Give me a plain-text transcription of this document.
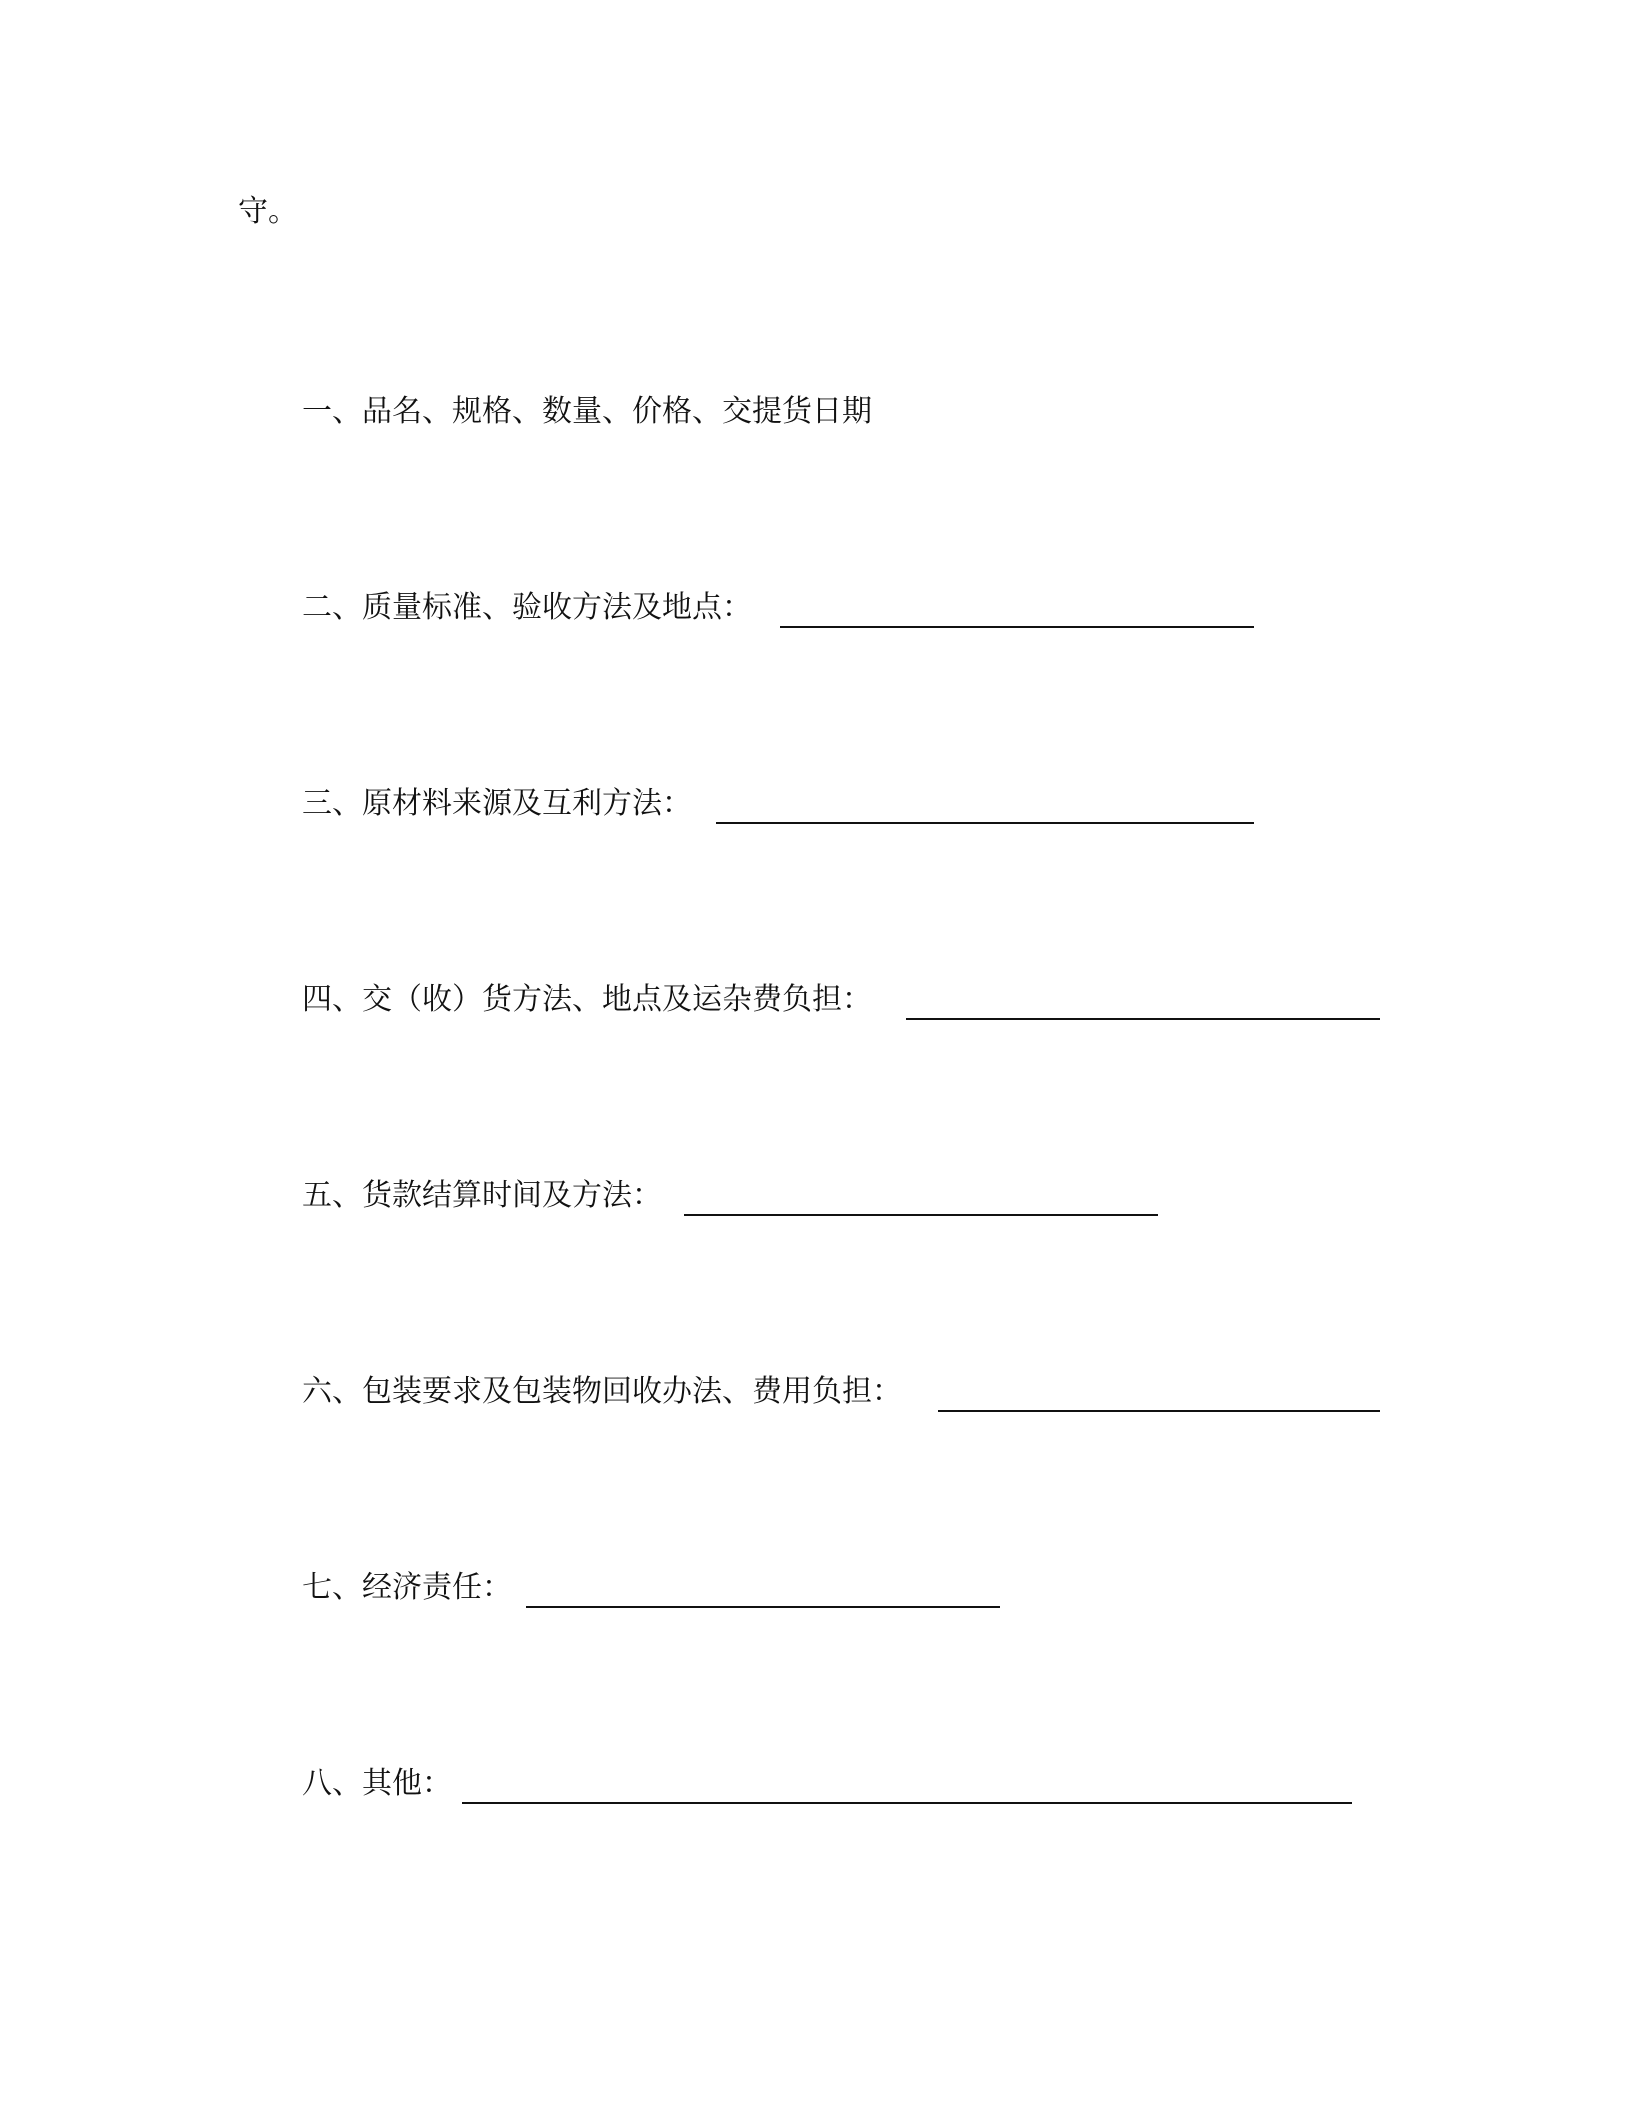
守。
一、品名、规格、数量、价格、交提货日期
二、质量标准、验收方法及地点：
三、原材料来源及互利方法：
四、交（收）货方法、地点及运杂费负担：
五、货款结算时间及方法：
六、包装要求及包装物回收办法、费用负担：
七、经济责任：
八、其他：
